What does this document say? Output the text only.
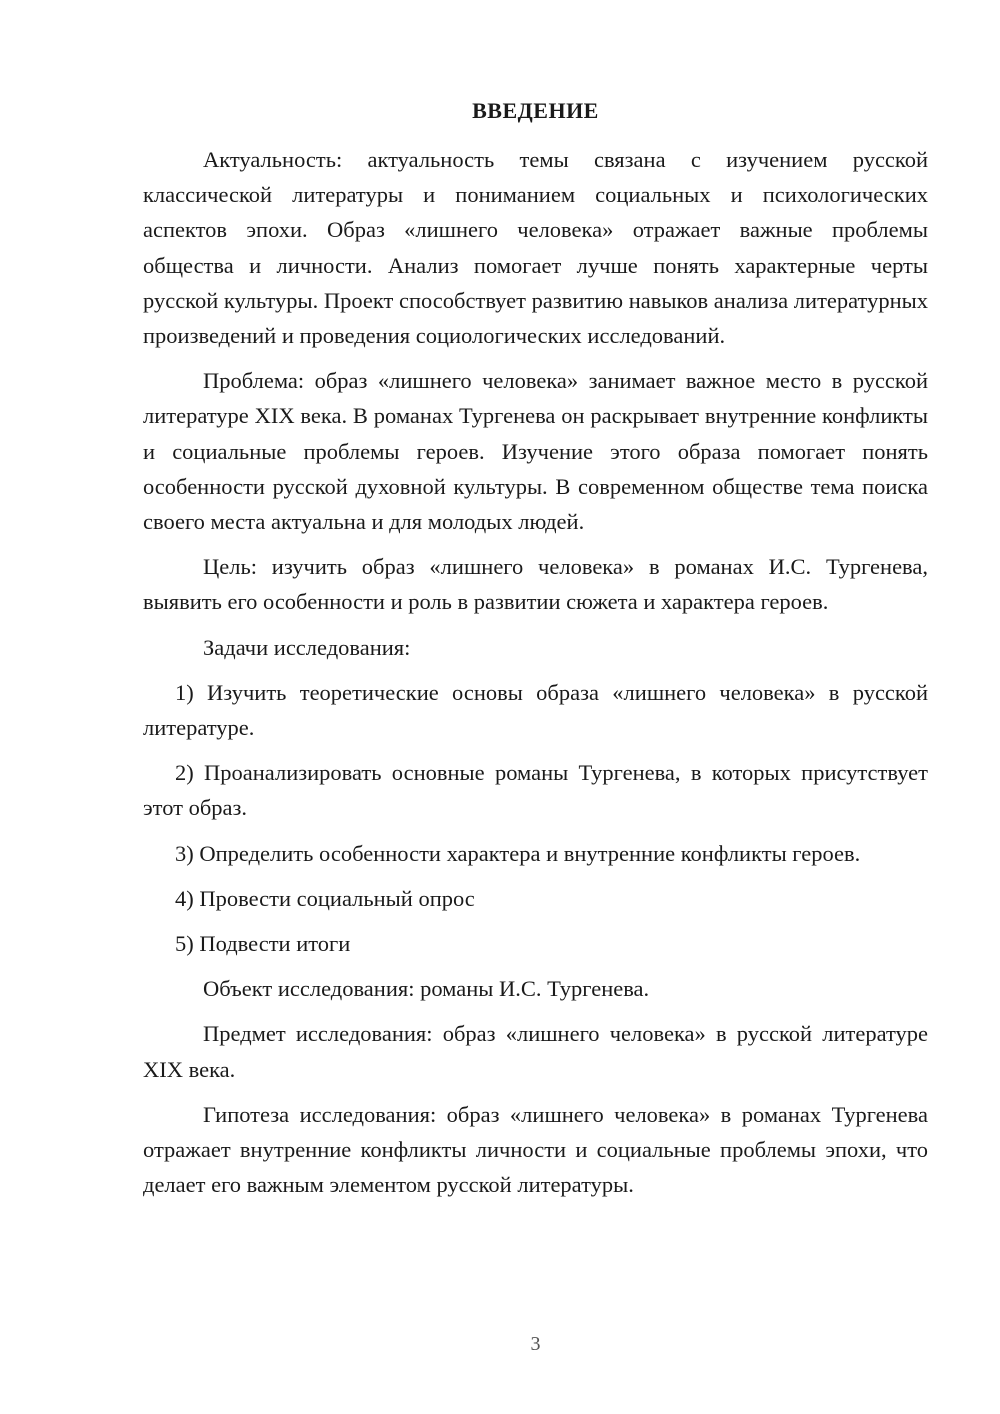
ВВЕДЕНИЕ

Актуальность: актуальность темы связана с изучением русской классической литературы и пониманием социальных и психологических аспектов эпохи. Образ «лишнего человека» отражает важные проблемы общества и личности. Анализ помогает лучше понять характерные черты русской культуры. Проект способствует развитию навыков анализа литературных произведений и проведения социологических исследований.

Проблема: образ «лишнего человека» занимает важное место в русской литературе XIX века. В романах Тургенева он раскрывает внутренние конфликты и социальные проблемы героев. Изучение этого образа помогает понять особенности русской духовной культуры. В современном обществе тема поиска своего места актуальна и для молодых людей.

Цель: изучить образ «лишнего человека» в романах И.С. Тургенева, выявить его особенности и роль в развитии сюжета и характера героев.

Задачи исследования:

1) Изучить теоретические основы образа «лишнего человека» в русской литературе.

2) Проанализировать основные романы Тургенева, в которых присутствует этот образ.

3) Определить особенности характера и внутренние конфликты героев.

4) Провести социальный опрос

5) Подвести итоги

Объект исследования: романы И.С. Тургенева.

Предмет исследования: образ «лишнего человека» в русской литературе XIX века.

Гипотеза исследования: образ «лишнего человека» в романах Тургенева отражает внутренние конфликты личности и социальные проблемы эпохи, что делает его важным элементом русской литературы.

3
